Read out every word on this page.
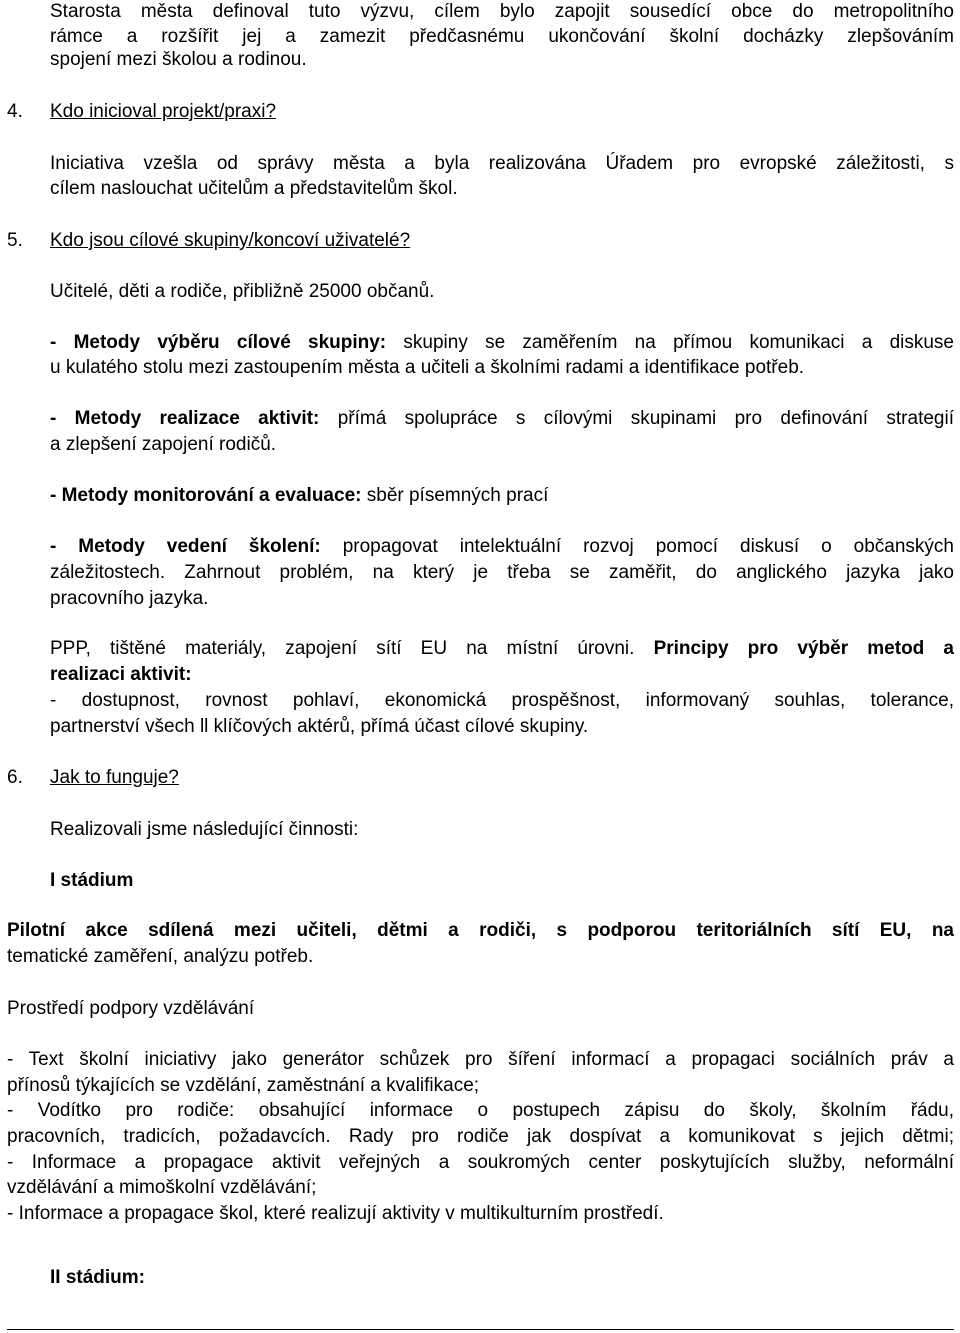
Starosta města definoval tuto výzvu, cílem bylo zapojit sousedící obce do metropolitního
rámce a rozšířit jej a zamezit předčasnému ukončování školní docházky zlepšováním
spojení mezi školou a rodinou.
4. Kdo inicioval projekt/praxi?
Iniciativa vzešla od správy města a byla realizována Úřadem pro evropské záležitosti, s
cílem naslouchat učitelům a představitelům škol.
5. Kdo jsou cílové skupiny/koncoví uživatelé?
Učitelé, děti a rodiče, přibližně 25000 občanů.
- Metody výběru cílové skupiny: skupiny se zaměřením na přímou komunikaci a diskuse
u kulatého stolu mezi zastoupením města a učiteli a školními radami a identifikace potřeb.
- Metody realizace aktivit: přímá spolupráce s cílovými skupinami pro definování strategií
a zlepšení zapojení rodičů.
- Metody monitorování a evaluace: sběr písemných prací
- Metody vedení školení: propagovat intelektuální rozvoj pomocí diskusí o občanských
záležitostech. Zahrnout problém, na který je třeba se zaměřit, do anglického jazyka jako
pracovního jazyka.
PPP, tištěné materiály, zapojení sítí EU na místní úrovni. Principy pro výběr metod a
realizaci aktivit:
- dostupnost, rovnost pohlaví, ekonomická prospěšnost, informovaný souhlas, tolerance,
partnerství všech ll klíčových aktérů, přímá účast cílové skupiny.
6. Jak to funguje?
Realizovali jsme následující činnosti:
I stádium
Pilotní akce sdílená mezi učiteli, dětmi a rodiči, s podporou teritoriálních sítí EU, na
tematické zaměření, analýzu potřeb.
Prostředí podpory vzdělávání
- Text školní iniciativy jako generátor schůzek pro šíření informací a propagaci sociálních práv a
přínosů týkajících se vzdělání, zaměstnání a kvalifikace;
- Vodítko pro rodiče: obsahující informace o postupech zápisu do školy, školním řádu,
pracovních, tradicích, požadavcích. Rady pro rodiče jak dospívat a komunikovat s jejich dětmi;
- Informace a propagace aktivit veřejných a soukromých center poskytujících služby, neformální
vzdělávání a mimoškolní vzdělávání;
- Informace a propagace škol, které realizují aktivity v multikulturním prostředí.
II stádium:
